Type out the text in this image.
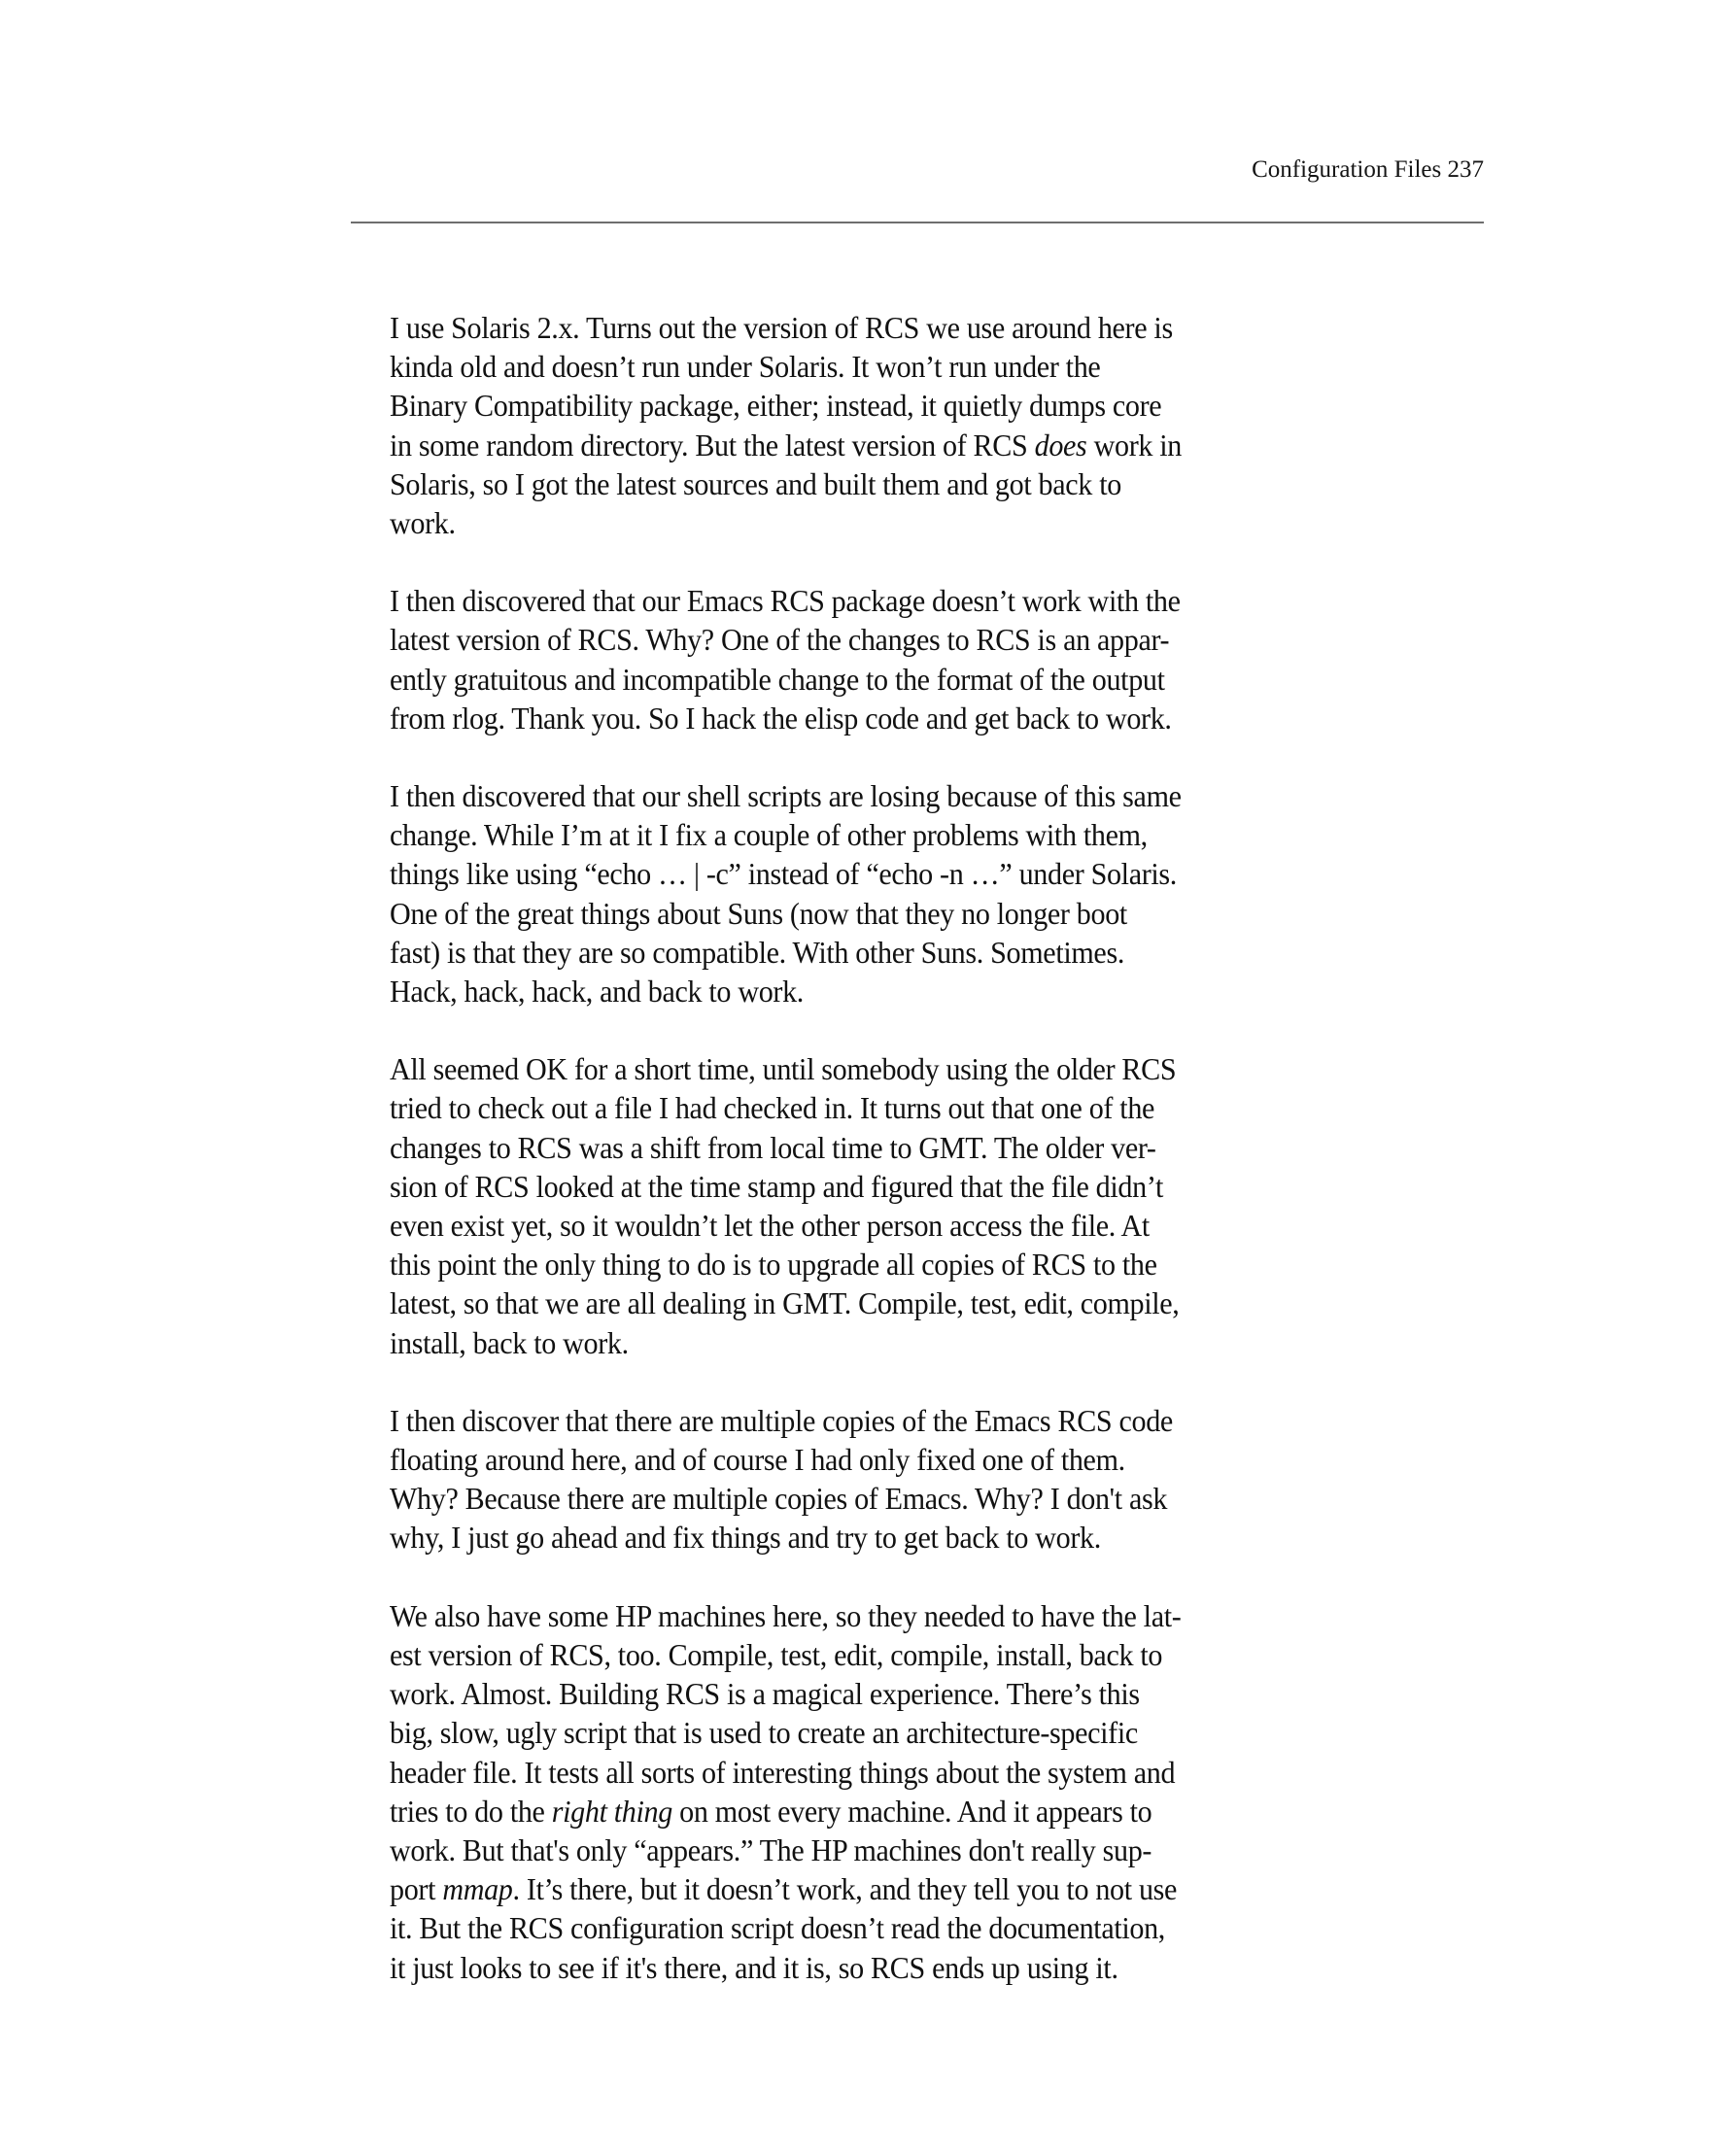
Configuration Files 237

I use Solaris 2.x. Turns out the version of RCS we use around here is
kinda old and doesn’t run under Solaris. It won’t run under the
Binary Compatibility package, either; instead, it quietly dumps core
in some random directory. But the latest version of RCS does work in
Solaris, so I got the latest sources and built them and got back to
work.

I then discovered that our Emacs RCS package doesn’t work with the
latest version of RCS. Why? One of the changes to RCS is an appar-
ently gratuitous and incompatible change to the format of the output
from rlog. Thank you. So I hack the elisp code and get back to work.

I then discovered that our shell scripts are losing because of this same
change. While I’m at it I fix a couple of other problems with them,
things like using “echo … | -c” instead of “echo -n …” under Solaris.
One of the great things about Suns (now that they no longer boot
fast) is that they are so compatible. With other Suns. Sometimes.
Hack, hack, hack, and back to work.

All seemed OK for a short time, until somebody using the older RCS
tried to check out a file I had checked in. It turns out that one of the
changes to RCS was a shift from local time to GMT. The older ver-
sion of RCS looked at the time stamp and figured that the file didn’t
even exist yet, so it wouldn’t let the other person access the file. At
this point the only thing to do is to upgrade all copies of RCS to the
latest, so that we are all dealing in GMT. Compile, test, edit, compile,
install, back to work.

I then discover that there are multiple copies of the Emacs RCS code
floating around here, and of course I had only fixed one of them.
Why? Because there are multiple copies of Emacs. Why? I don't ask
why, I just go ahead and fix things and try to get back to work.

We also have some HP machines here, so they needed to have the lat-
est version of RCS, too. Compile, test, edit, compile, install, back to
work. Almost. Building RCS is a magical experience. There’s this
big, slow, ugly script that is used to create an architecture-specific
header file. It tests all sorts of interesting things about the system and
tries to do the right thing on most every machine. And it appears to
work. But that's only “appears.” The HP machines don't really sup-
port mmap. It’s there, but it doesn’t work, and they tell you to not use
it. But the RCS configuration script doesn’t read the documentation,
it just looks to see if it's there, and it is, so RCS ends up using it.
